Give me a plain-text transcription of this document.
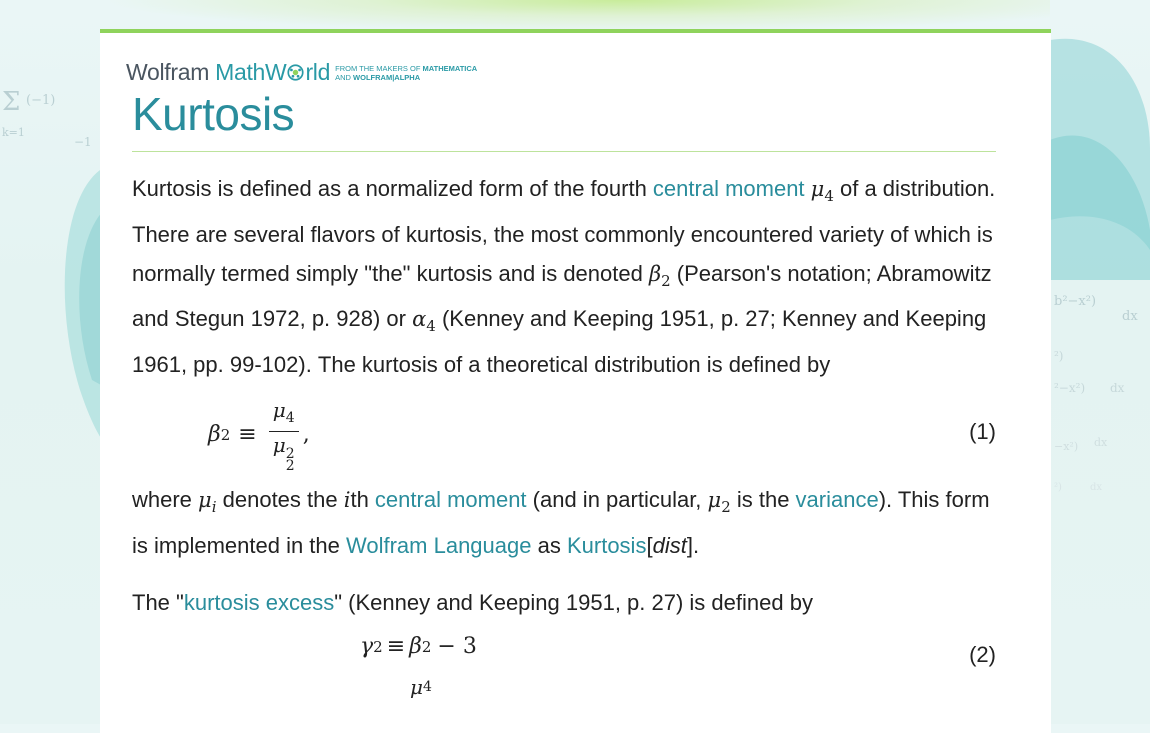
Σ (−1)
k=1
−1
b²−x²)
dx
²)
²−x²) dx
−x²) dx
²)	dx
Wolfram MathW rld FROM THE MAKERS OF MATHEMATICA
AND WOLFRAM|ALPHA
Kurtosis

Kurtosis is defined as a normalized form of the fourth central moment $\mu_4$ of a distribution. There are several flavors of kurtosis, the most commonly encountered variety of which is normally termed simply "the" kurtosis and is denoted $\beta_2$ (Pearson's notation; Abramowitz and Stegun 1972, p. 928) or $\alpha_4$ (Kenney and Keeping 1951, p. 27; Kenney and Keeping 1961, pp. 99-102). The kurtosis of a theoretical distribution is defined by

β $2 \equiv \mu_4$
μ 2
2 ,	(1)

where $\mu_i$ denotes the ith central moment (and in particular, $\mu_2$ is the variance). This form is implemented in the Wolfram Language as Kurtosis[dist].

The "kurtosis excess" (Kenney and Keeping 1951, p. 27) is defined by

γ 2 ≡ β 2 − 3	(2)
μ 4
